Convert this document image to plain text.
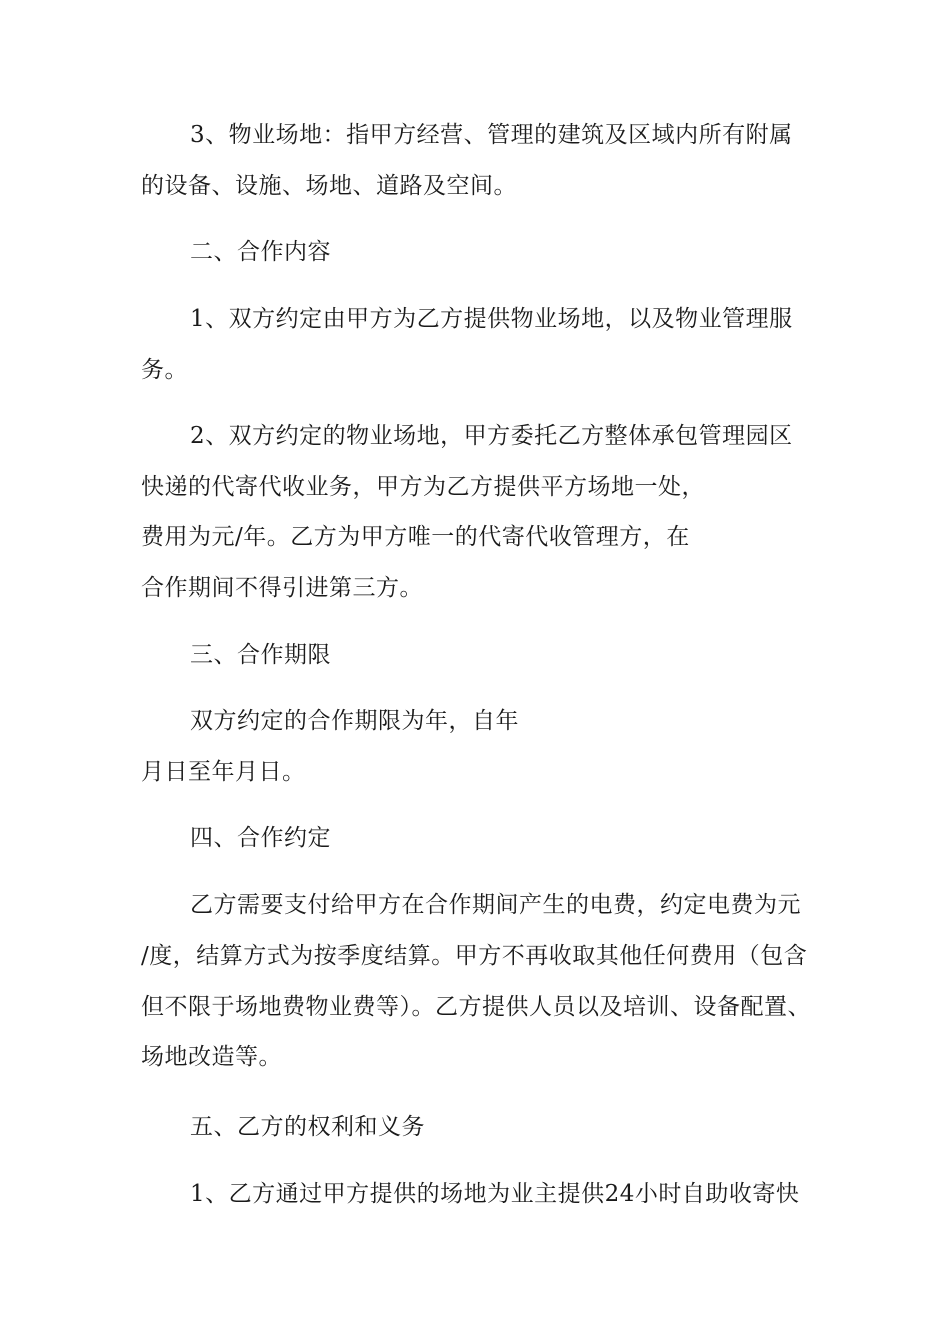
3、物业场地：指甲方经营、管理的建筑及区域内所有附属
的设备、设施、场地、道路及空间。
二、合作内容
1、双方约定由甲方为乙方提供物业场地，以及物业管理服
务。
2、双方约定的物业场地，甲方委托乙方整体承包管理园区
快递的代寄代收业务，甲方为乙方提供平方场地一处，
费用为元/年。乙方为甲方唯一的代寄代收管理方，在
合作期间不得引进第三方。
三、合作期限
双方约定的合作期限为年，自年
月日至年月日。
四、合作约定
乙方需要支付给甲方在合作期间产生的电费，约定电费为元
/度，结算方式为按季度结算。甲方不再收取其他任何费用（包含
但不限于场地费物业费等）。乙方提供人员以及培训、设备配置、
场地改造等。
五、乙方的权利和义务
1、乙方通过甲方提供的场地为业主提供24小时自助收寄快
